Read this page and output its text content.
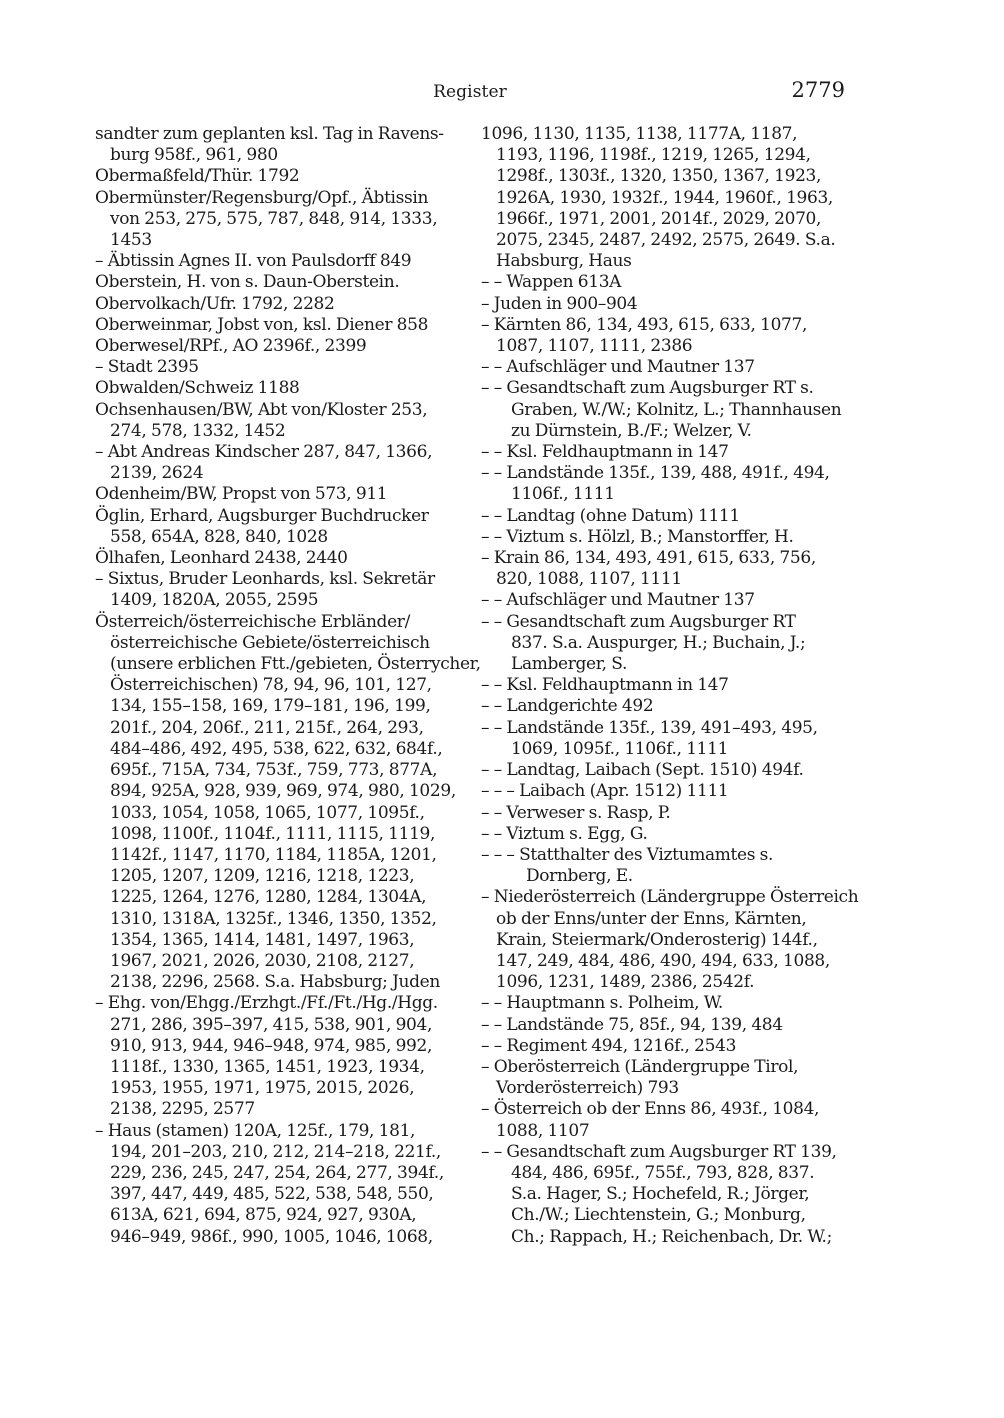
Register	2779
sandter zum geplanten ksl. Tag in Ravens-
burg 958f., 961, 980
Obermaßfeld/Thür. 1792
Obermünster/Regensburg/Opf., Äbtissin
von 253, 275, 575, 787, 848, 914, 1333,
1453
– Äbtissin Agnes II. von Paulsdorff 849
Oberstein, H. von s. Daun-Oberstein.
Obervolkach/Ufr. 1792, 2282
Oberweinmar, Jobst von, ksl. Diener 858
Oberwesel/RPf., AO 2396f., 2399
– Stadt 2395
Obwalden/Schweiz 1188
Ochsenhausen/BW, Abt von/Kloster 253,
274, 578, 1332, 1452
– Abt Andreas Kindscher 287, 847, 1366,
2139, 2624
Odenheim/BW, Propst von 573, 911
Öglin, Erhard, Augsburger Buchdrucker
558, 654A, 828, 840, 1028
Ölhafen, Leonhard 2438, 2440
– Sixtus, Bruder Leonhards, ksl. Sekretär
1409, 1820A, 2055, 2595
Österreich/österreichische Erbländer/
österreichische Gebiete/österreichisch
(unsere erblichen Ftt./gebieten, Österrycher,
Österreichischen) 78, 94, 96, 101, 127,
134, 155–158, 169, 179–181, 196, 199,
201f., 204, 206f., 211, 215f., 264, 293,
484–486, 492, 495, 538, 622, 632, 684f.,
695f., 715A, 734, 753f., 759, 773, 877A,
894, 925A, 928, 939, 969, 974, 980, 1029,
1033, 1054, 1058, 1065, 1077, 1095f.,
1098, 1100f., 1104f., 1111, 1115, 1119,
1142f., 1147, 1170, 1184, 1185A, 1201,
1205, 1207, 1209, 1216, 1218, 1223,
1225, 1264, 1276, 1280, 1284, 1304A,
1310, 1318A, 1325f., 1346, 1350, 1352,
1354, 1365, 1414, 1481, 1497, 1963,
1967, 2021, 2026, 2030, 2108, 2127,
2138, 2296, 2568. S.a. Habsburg; Juden
– Ehg. von/Ehgg./Erzhgt./Ff./Ft./Hg./Hgg.
271, 286, 395–397, 415, 538, 901, 904,
910, 913, 944, 946–948, 974, 985, 992,
1118f., 1330, 1365, 1451, 1923, 1934,
1953, 1955, 1971, 1975, 2015, 2026,
2138, 2295, 2577
– Haus (stamen) 120A, 125f., 179, 181,
194, 201–203, 210, 212, 214–218, 221f.,
229, 236, 245, 247, 254, 264, 277, 394f.,
397, 447, 449, 485, 522, 538, 548, 550,
613A, 621, 694, 875, 924, 927, 930A,
946–949, 986f., 990, 1005, 1046, 1068,
1096, 1130, 1135, 1138, 1177A, 1187,
1193, 1196, 1198f., 1219, 1265, 1294,
1298f., 1303f., 1320, 1350, 1367, 1923,
1926A, 1930, 1932f., 1944, 1960f., 1963,
1966f., 1971, 2001, 2014f., 2029, 2070,
2075, 2345, 2487, 2492, 2575, 2649. S.a.
Habsburg, Haus
– – Wappen 613A
– Juden in 900–904
– Kärnten 86, 134, 493, 615, 633, 1077,
1087, 1107, 1111, 2386
– – Aufschläger und Mautner 137
– – Gesandtschaft zum Augsburger RT s.
Graben, W./W.; Kolnitz, L.; Thannhausen
zu Dürnstein, B./F.; Welzer, V.
– – Ksl. Feldhauptmann in 147
– – Landstände 135f., 139, 488, 491f., 494,
1106f., 1111
– – Landtag (ohne Datum) 1111
– – Viztum s. Hölzl, B.; Manstorffer, H.
– Krain 86, 134, 493, 491, 615, 633, 756,
820, 1088, 1107, 1111
– – Aufschläger und Mautner 137
– – Gesandtschaft zum Augsburger RT
837. S.a. Auspurger, H.; Buchain, J.;
Lamberger, S.
– – Ksl. Feldhauptmann in 147
– – Landgerichte 492
– – Landstände 135f., 139, 491–493, 495,
1069, 1095f., 1106f., 1111
– – Landtag, Laibach (Sept. 1510) 494f.
– – – Laibach (Apr. 1512) 1111
– – Verweser s. Rasp, P.
– – Viztum s. Egg, G.
– – – Statthalter des Viztumamtes s.
Dornberg, E.
– Niederösterreich (Ländergruppe Österreich
ob der Enns/unter der Enns, Kärnten,
Krain, Steiermark/Onderosterig) 144f.,
147, 249, 484, 486, 490, 494, 633, 1088,
1096, 1231, 1489, 2386, 2542f.
– – Hauptmann s. Polheim, W.
– – Landstände 75, 85f., 94, 139, 484
– – Regiment 494, 1216f., 2543
– Oberösterreich (Ländergruppe Tirol,
Vorderösterreich) 793
– Österreich ob der Enns 86, 493f., 1084,
1088, 1107
– – Gesandtschaft zum Augsburger RT 139,
484, 486, 695f., 755f., 793, 828, 837.
S.a. Hager, S.; Hochefeld, R.; Jörger,
Ch./W.; Liechtenstein, G.; Monburg,
Ch.; Rappach, H.; Reichenbach, Dr. W.;
